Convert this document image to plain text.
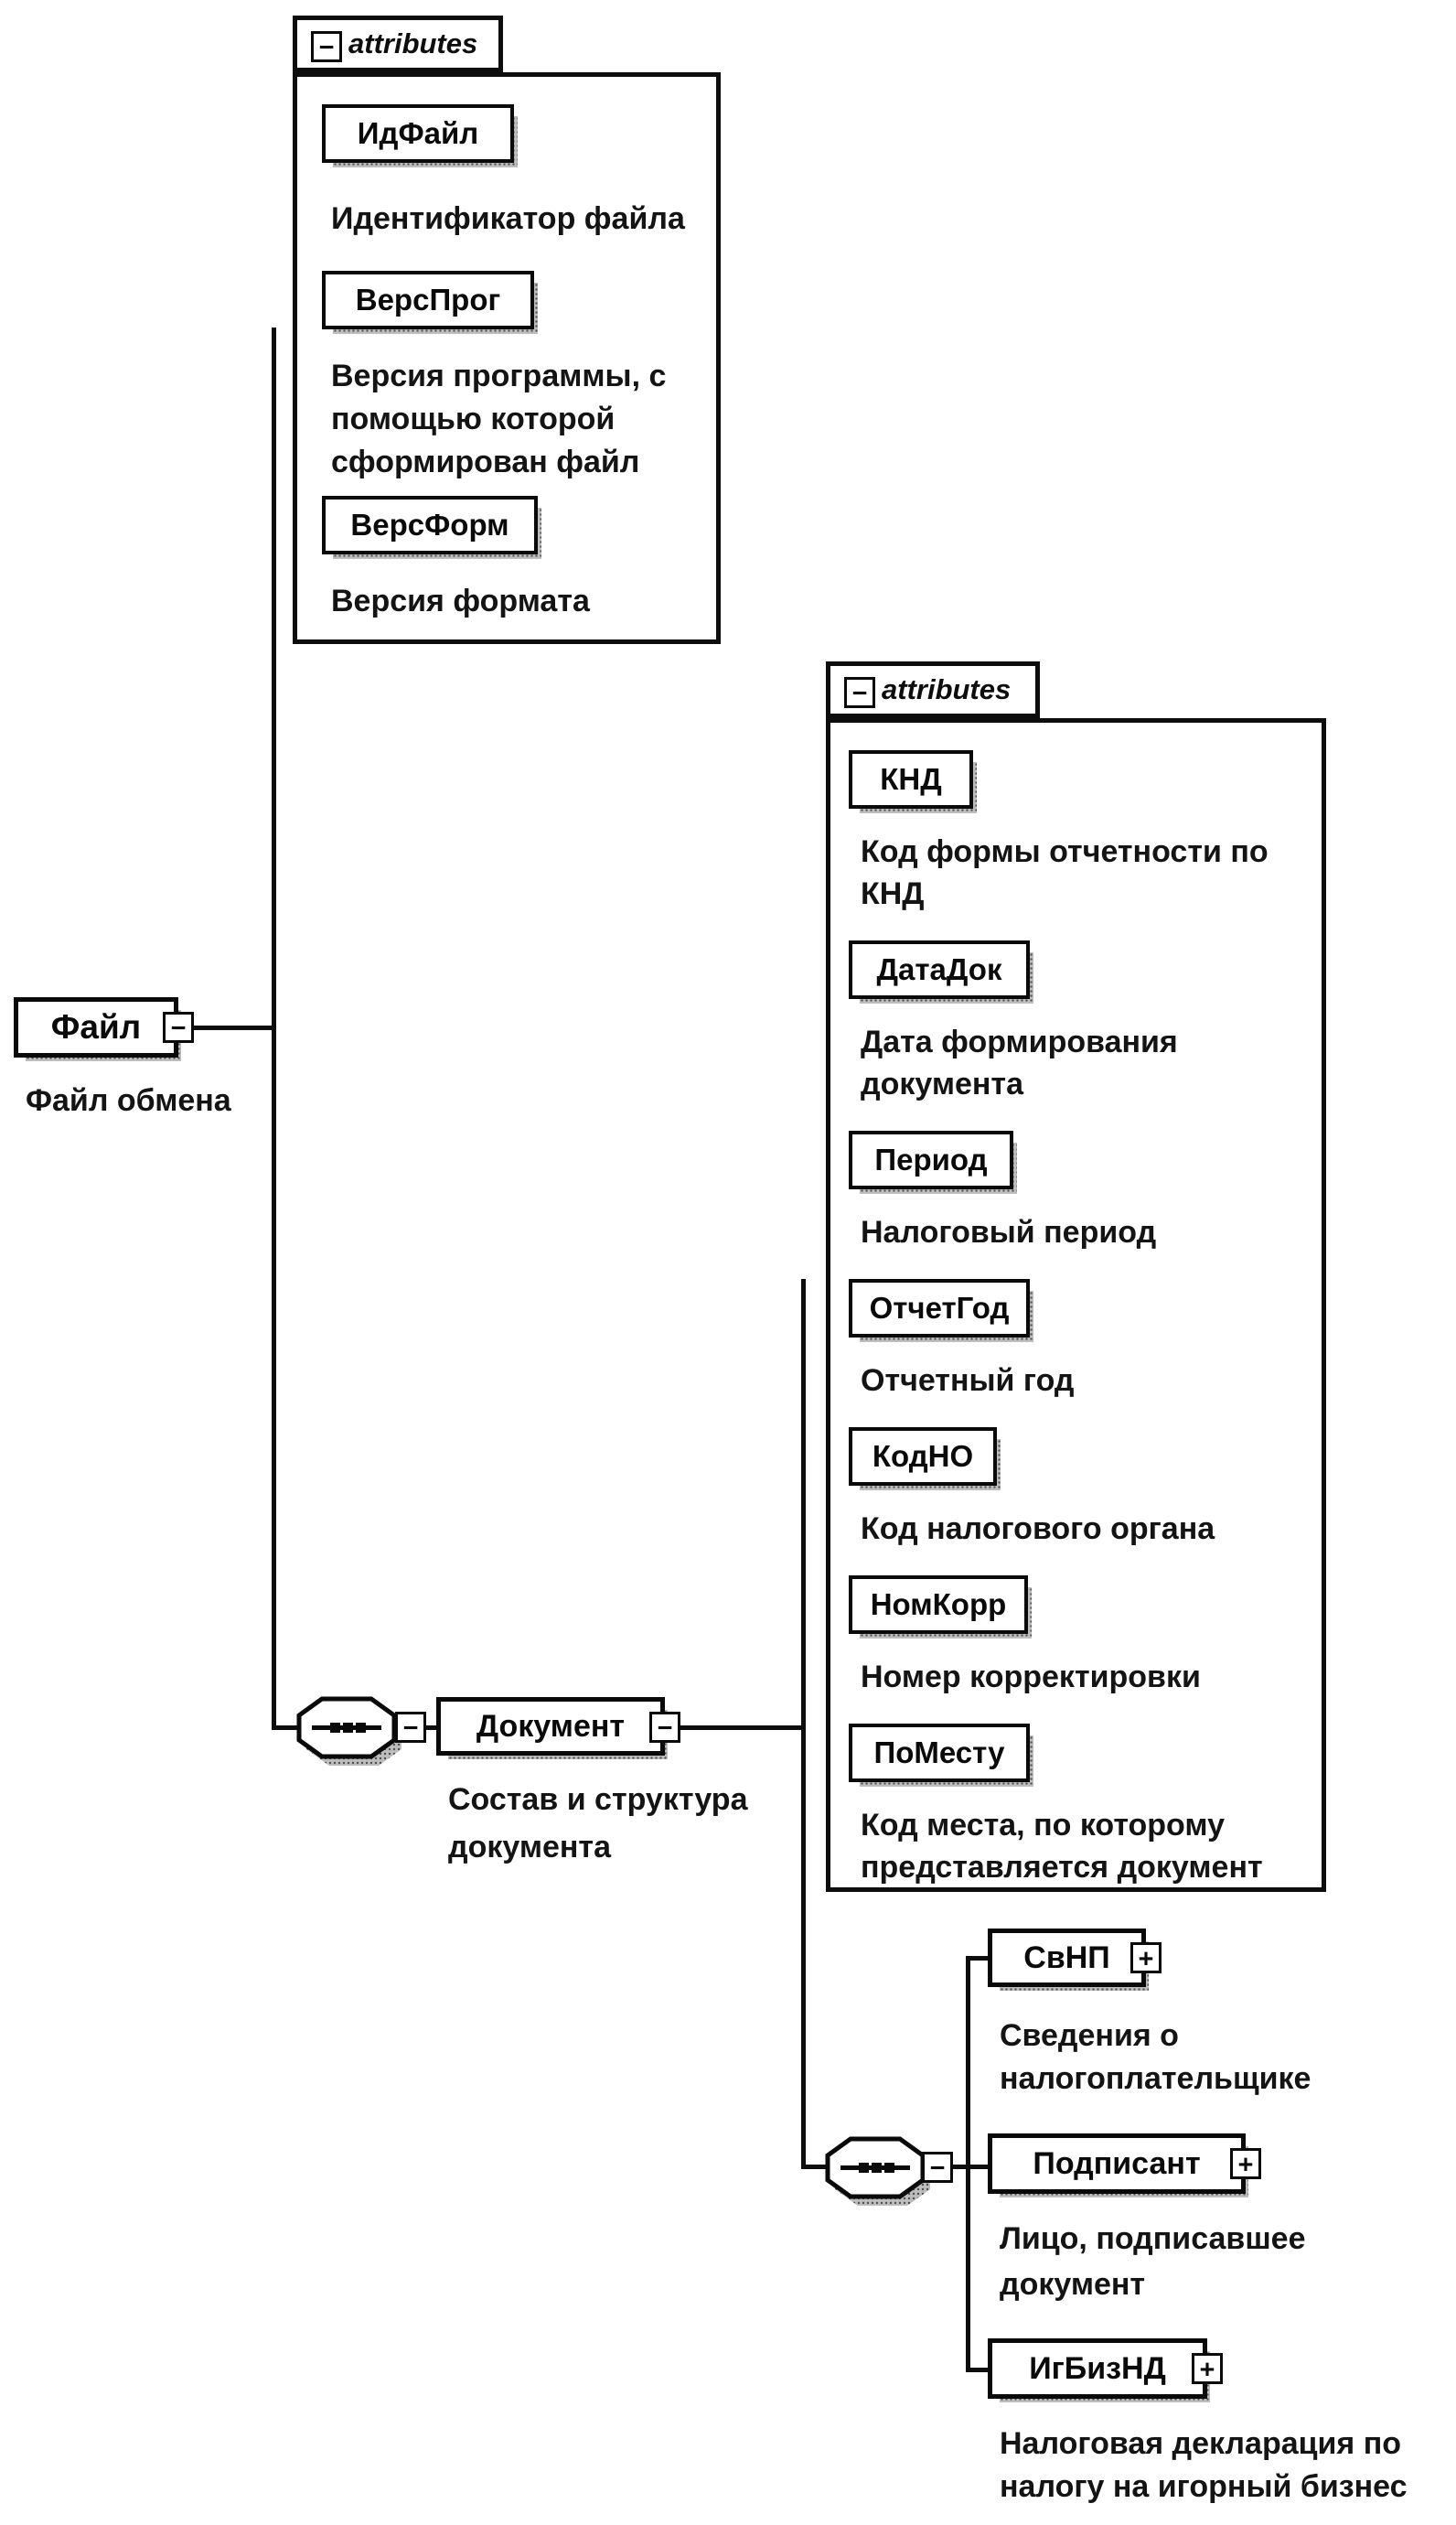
− attributes
ИдФайл
Идентификатор файла
ВерсПрог
Версия программы, с
помощью которой
сформирован файл
ВерсФорм
Версия формата
Файл	−
Файл обмена
−	Документ	−
Состав и структура
документа
− attributes
КНД
Код формы отчетности по
КНД
ДатаДок
Дата формирования
документа
Период
Налоговый период
ОтчетГод
Отчетный год
КодНО
Код налогового органа
НомКорр
Номер корректировки
ПоМесту
Код места, по которому
представляется документ
−
СвНП	+
Сведения о
налогоплательщике
Подписант	+
Лицо, подписавшее
документ
ИгБизНД	+
Налоговая декларация по
налогу на игорный бизнес
